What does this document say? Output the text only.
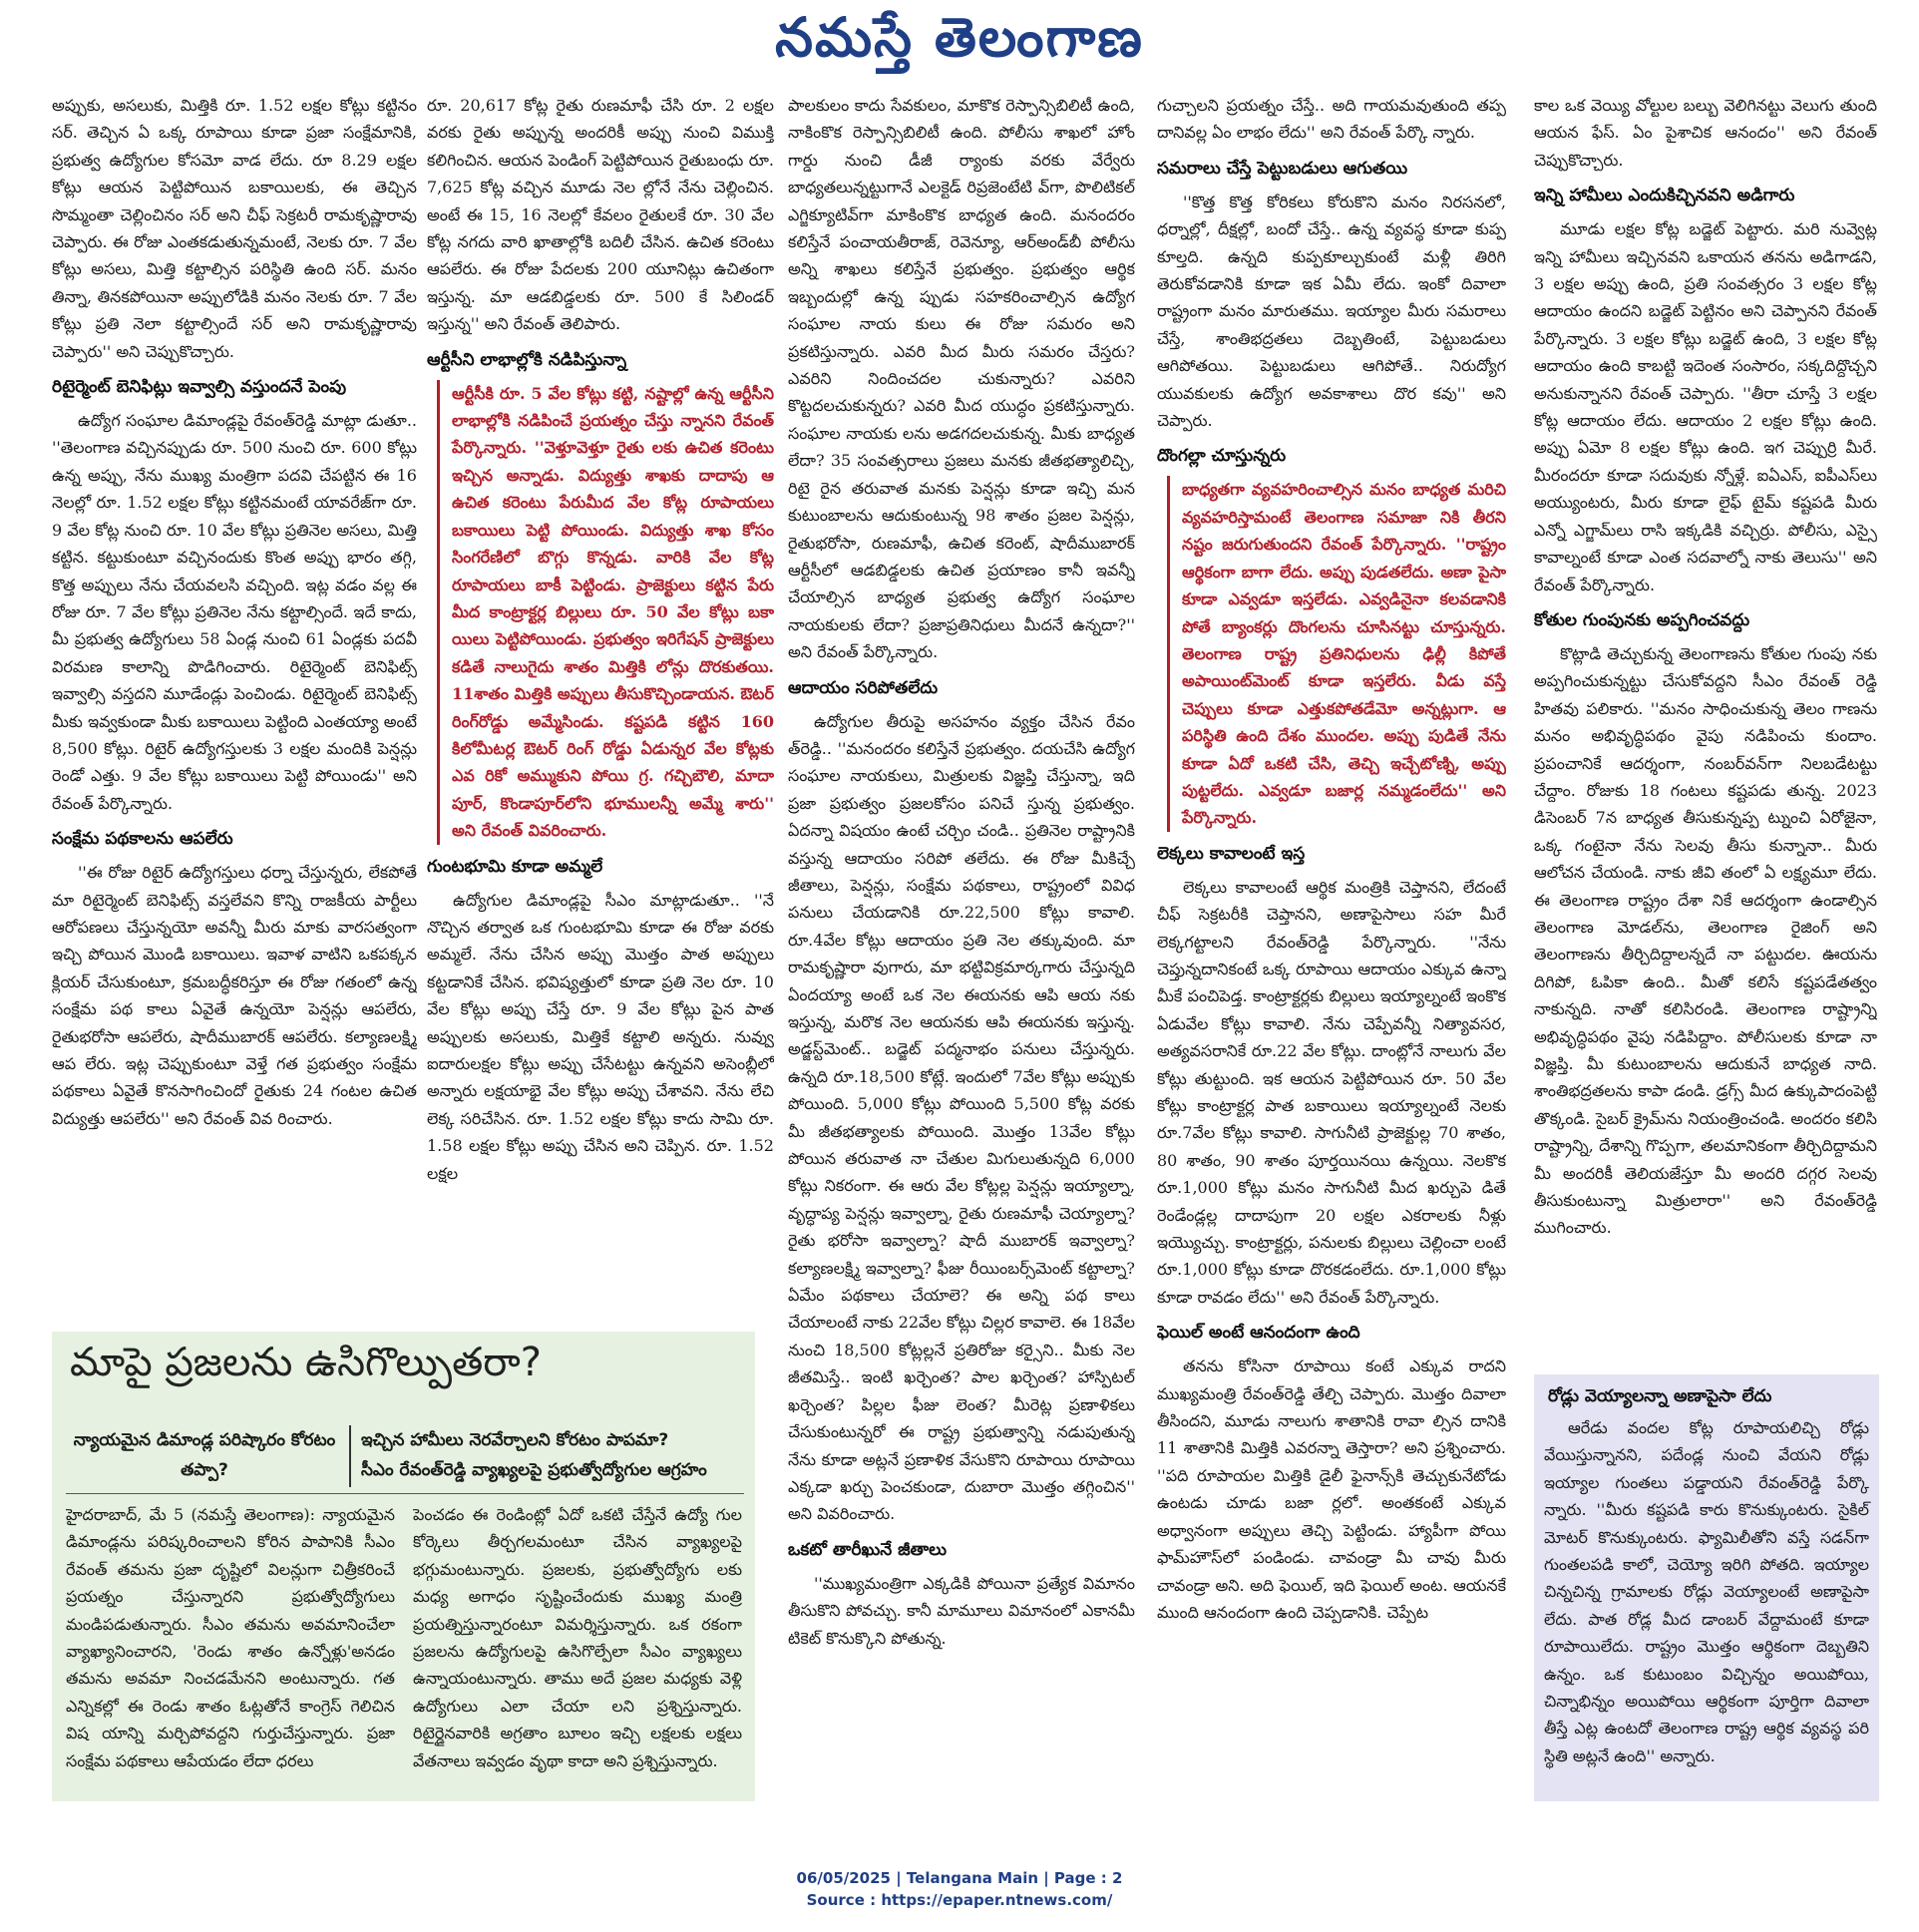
నమస్తే తెలంగాణ

అప్పుకు, అసలుకు, మిత్తికి రూ. 1.52 లక్షల కోట్లు కట్టినం సర్. తెచ్చిన ఏ ఒక్క రూపాయి కూడా ప్రజా సంక్షేమానికి, ప్రభుత్వ ఉద్యోగుల కోసమో వాడ లేదు. రూ 8.29 లక్షల కోట్లు ఆయన పెట్టిపోయిన బకాయిలకు, ఈ తెచ్చిన సొమ్మంతా చెల్లించినం సర్ అని చీఫ్ సెక్రటరీ రామకృష్ణారావు చెప్పారు. ఈ రోజు ఎంతకడుతున్నమంటే, నెలకు రూ. 7 వేల కోట్లు అసలు, మిత్తి కట్టాల్సిన పరిస్థితి ఉంది సర్. మనం తిన్నా, తినకపోయినా అప్పులోడికి మనం నెలకు రూ. 7 వేల కోట్లు ప్రతి నెలా కట్టాల్సిందే సర్ అని రామకృష్ణారావు చెప్పారు'' అని చెప్పుకొచ్చారు.

రిటైర్మెంట్ బెనిఫిట్లు ఇవ్వాల్సి వస్తుందనే పెంపు

ఉద్యోగ సంఘాల డిమాండ్లపై రేవంత్‌రెడ్డి మాట్లా డుతూ.. ''తెలంగాణ వచ్చినప్పుడు రూ. 500 నుంచి రూ. 600 కోట్లు ఉన్న అప్పు, నేను ముఖ్య మంత్రిగా పదవి చేపట్టిన ఈ 16 నెలల్లో రూ. 1.52 లక్షల కోట్లు కట్టినమంటే యావరేజ్‌గా రూ. 9 వేల కోట్ల నుంచి రూ. 10 వేల కోట్లు ప్రతినెల అసలు, మిత్తి కట్టిన. కట్టుకుంటూ వచ్చినందుకు కొంత అప్పు భారం తగ్గి, కొత్త అప్పులు నేను చేయవలసి వచ్చింది. ఇట్ల వడం వల్ల ఈ రోజు రూ. 7 వేల కోట్లు ప్రతినెల నేను కట్టాల్సిందే. ఇదే కాదు, మీ ప్రభుత్వ ఉద్యోగులు 58 ఏండ్ల నుంచి 61 ఏండ్లకు పదవీ విరమణ కాలాన్ని పొడిగించారు. రిటైర్మెంట్ బెనిఫిట్స్ ఇవ్వాల్సి వస్తదని మూడేండ్లు పెంచిండు. రిటైర్మెంట్ బెనిఫిట్స్ మీకు ఇవ్వకుండా మీకు బకాయిలు పెట్టింది ఎంతయ్యా అంటే 8,500 కోట్లు. రిటైర్ ఉద్యోగస్తులకు 3 లక్షల మందికి పెన్షన్లు రెండో ఎత్తు. 9 వేల కోట్లు బకాయిలు పెట్టి పోయిండు'' అని రేవంత్ పేర్కొన్నారు.

సంక్షేమ పథకాలను ఆపలేరు

''ఈ రోజు రిటైర్ ఉద్యోగస్తులు ధర్నా చేస్తున్నరు, లేకపోతే మా రిటైర్మెంట్ బెనిఫిట్స్ వస్తలేవని కొన్ని రాజకీయ పార్టీలు ఆరోపణలు చేస్తున్నయో అవన్నీ మీరు మాకు వారసత్వంగా ఇచ్చి పోయిన మొండి బకాయిలు. ఇవాళ వాటిని ఒకపక్కన క్లియర్ చేసుకుంటూ, క్రమబద్ధీకరిస్తూ ఈ రోజు గతంలో ఉన్న సంక్షేమ పథ కాలు ఏవైతే ఉన్నయో పెన్షన్లు ఆపలేరు, రైతుభరోసా ఆపలేరు, షాదీముబారక్ ఆపలేరు. కల్యాణలక్ష్మి ఆప లేరు. ఇట్ల చెప్పుకుంటూ వెళ్తే గత ప్రభుత్వం సంక్షేమ పథకాలు ఏవైతే కొనసాగించిందో రైతుకు 24 గంటల ఉచిత విద్యుత్తు ఆపలేరు'' అని రేవంత్ వివ రించారు.

రూ. 20,617 కోట్ల రైతు రుణమాఫీ చేసి రూ. 2 లక్షల వరకు రైతు అప్పున్న అందరికీ అప్పు నుంచి విముక్తి కలిగించిన. ఆయన పెండింగ్ పెట్టిపోయిన రైతుబంధు రూ. 7,625 కోట్ల వచ్చిన మూడు నెల ల్లోనే నేను చెల్లించిన. అంటే ఈ 15, 16 నెలల్లో కేవలం రైతులకే రూ. 30 వేల కోట్ల నగదు వారి ఖాతాల్లోకి బదిలీ చేసిన. ఉచిత కరెంటు ఆపలేరు. ఈ రోజు పేదలకు 200 యూనిట్లు ఉచితంగా ఇస్తున్న. మా ఆడబిడ్డలకు రూ. 500 కే సిలిండర్ ఇస్తున్న'' అని రేవంత్ తెలిపారు.

ఆర్టీసీని లాభాల్లోకి నడిపిస్తున్నా

ఆర్టీసీకి రూ. 5 వేల కోట్లు కట్టి, నష్టాల్లో ఉన్న ఆర్టీసీని లాభాల్లోకి నడిపించే ప్రయత్నం చేస్తు న్నానని రేవంత్ పేర్కొన్నారు. ''వెళ్తూవెళ్తూ రైతు లకు ఉచిత కరెంటు ఇచ్చిన అన్నాడు. విద్యుత్తు శాఖకు దాదాపు ఆ ఉచిత కరెంటు పేరుమీద వేల కోట్ల రూపాయలు బకాయిలు పెట్టి పోయిండు. విద్యుత్తు శాఖ కోసం సింగరేణిలో బొగ్గు కొన్నడు. వారికి వేల కోట్ల రూపాయలు బాకీ పెట్టిండు. ప్రాజెక్టులు కట్టిన పేరు మీద కాంట్రాక్టర్ల బిల్లులు రూ. 50 వేల కోట్లు బకా యిలు పెట్టిపోయిండు. ప్రభుత్వం ఇరిగేషన్ ప్రాజెక్టులు కడితే నాలుగైదు శాతం మిత్తికి లోన్లు దొరకుతయి. 11శాతం మిత్తికి అప్పులు తీసుకొచ్చిండాయన. ఔటర్ రింగ్‌రోడ్డు అమ్మేసిండు. కష్టపడి కట్టిన 160 కిలోమీటర్ల ఔటర్ రింగ్ రోడ్డు ఏడున్నర వేల కోట్లకు ఎవ రికో అమ్ముకుని పోయి గ్ర. గచ్చిబౌలి, మాదా పూర్, కొండాపూర్‌లోని భూములన్నీ అమ్మే శారు'' అని రేవంత్ వివరించారు.

గుంటభూమి కూడా అమ్మలే

ఉద్యోగుల డిమాండ్లపై సీఎం మాట్లాడుతూ.. ''నే నొచ్చిన తర్వాత ఒక గుంటభూమి కూడా ఈ రోజు వరకు అమ్మలే. నేను చేసిన అప్పు మొత్తం పాత అప్పులు కట్టడానికే చేసిన. భవిష్యత్తులో కూడా ప్రతి నెల రూ. 10 వేల కోట్లు అప్పు చేస్తే రూ. 9 వేల కోట్లు పైన పాత అప్పులకు అసలుకు, మిత్తికే కట్టాలి అన్నరు. నువ్వు ఐదారులక్షల కోట్లు అప్పు చేసేటట్టు ఉన్నవని అసెంబ్లీలో అన్నారు లక్షయాభై వేల కోట్లు అప్పు చేశావని. నేను లేచి లెక్క సరిచేసిన. రూ. 1.52 లక్షల కోట్లు కాదు సామి రూ. 1.58 లక్షల కోట్లు అప్పు చేసిన అని చెప్పిన. రూ. 1.52 లక్షల

పాలకులం కాదు సేవకులం, మాకొక రెస్పాన్సిబిలిటీ ఉంది, నాకింకొక రెస్పాన్సిబిలిటీ ఉంది. పోలీసు శాఖలో హోం గార్డు నుంచి డీజీ ర్యాంకు వరకు వేర్వేరు బాధ్యతలున్నట్టుగానే ఎలక్టెడ్ రిప్రజెంటేటి వ్‌గా, పొలిటికల్ ఎగ్జిక్యూటివ్‌గా మాకింకొక బాధ్యత ఉంది. మనందరం కలిస్తేనే పంచాయతీరాజ్, రెవెన్యూ, ఆర్అండ్‌బీ పోలీసు అన్ని శాఖలు కలిస్తేనే ప్రభుత్వం. ప్రభుత్వం ఆర్థిక ఇబ్బందుల్లో ఉన్న ప్పుడు సహకరించాల్సిన ఉద్యోగ సంఘాల నాయ కులు ఈ రోజు సమరం అని ప్రకటిస్తున్నారు. ఎవరి మీద మీరు సమరం చేస్తరు? ఎవరిని నిందించదల చుకున్నారు? ఎవరిని కొట్టదలచుకున్నరు? ఎవరి మీద యుద్ధం ప్రకటిస్తున్నారు. సంఘాల నాయకు లను అడగదలచుకున్న. మీకు బాధ్యత లేదా? 35 సంవత్సరాలు ప్రజలు మనకు జీతభత్యాలిచ్చి, రిటై రైన తరువాత మనకు పెన్షన్లు కూడా ఇచ్చి మన కుటుంబాలను ఆదుకుంటున్న 98 శాతం ప్రజల పెన్షన్లు, రైతుభరోసా, రుణమాఫీ, ఉచిత కరెంట్, షాదీముబారక్ ఆర్టీసీలో ఆడబిడ్డలకు ఉచిత ప్రయాణం కానీ ఇవన్నీ చేయాల్సిన బాధ్యత ప్రభుత్వ ఉద్యోగ సంఘాల నాయకులకు లేదా? ప్రజాప్రతినిధులు మీదనే ఉన్నదా?'' అని రేవంత్ పేర్కొన్నారు.

ఆదాయం సరిపోతలేదు

ఉద్యోగుల తీరుపై అసహనం వ్యక్తం చేసిన రేవం త్‌రెడ్డి.. ''మనందరం కలిస్తేనే ప్రభుత్వం. దయచేసి ఉద్యోగ సంఘాల నాయకులు, మిత్రులకు విజ్ఞప్తి చేస్తున్నా, ఇది ప్రజా ప్రభుత్వం ప్రజలకోసం పనిచే స్తున్న ప్రభుత్వం. ఏదన్నా విషయం ఉంటే చర్చిం చండి.. ప్రతినెల రాష్ట్రానికి వస్తున్న ఆదాయం సరిపో తలేదు. ఈ రోజు మీకిచ్చే జీతాలు, పెన్షన్లు, సంక్షేమ పథకాలు, రాష్ట్రంలో వివిధ పనులు చేయడానికి రూ.22,500 కోట్లు కావాలి. రూ.4వేల కోట్లు ఆదాయం ప్రతి నెల తక్కువుంది. మా రామకృష్ణారా వుగారు, మా భట్టివిక్రమార్కగారు చేస్తున్నది ఏందయ్యా అంటే ఒక నెల ఈయనకు ఆపి ఆయ నకు ఇస్తున్న, మరొక నెల ఆయనకు ఆపి ఈయనకు ఇస్తున్న. అడ్జస్ట్‌మెంట్.. బడ్జెట్ పద్మనాభం పనులు చేస్తున్నరు. ఉన్నది రూ.18,500 కోట్లే. ఇందులో 7వేల కోట్లు అప్పుకు పోయింది. 5,000 కోట్లు పోయింది 5,500 కోట్ల వరకు మీ జీతభత్యాలకు పోయింది. మొత్తం 13వేల కోట్లు పోయిన తరువాత నా చేతుల మిగులుతున్నది 6,000 కోట్లు నికరంగా. ఈ ఆరు వేల కోట్లల్ల పెన్షన్లు ఇయ్యాల్నా, వృద్ధాప్య పెన్షన్లు ఇవ్వాల్నా, రైతు రుణమాఫీ చెయ్యాల్నా? రైతు భరోసా ఇవ్వాల్నా? షాదీ ముబారక్ ఇవ్వాల్నా? కల్యాణలక్ష్మి ఇవ్వాల్నా? ఫీజు రీయింబర్స్‌మెంట్ కట్టాల్నా? ఏమేం పథకాలు చేయాలె? ఈ అన్ని పథ కాలు చేయాలంటే నాకు 22వేల కోట్లు చిల్లర కావాలె. ఈ 18వేల నుంచి 18,500 కోట్లల్లనే ప్రతిరోజు కర్సైని.. మీకు నెల జీతమిస్తే.. ఇంటి ఖర్చెంత? పాల ఖర్చెంత? హాస్పిటల్ ఖర్చెంత? పిల్లల ఫీజు లెంత? మీరెట్ల ప్రణాళికలు చేసుకుంటున్నరో ఈ రాష్ట్ర ప్రభుత్వాన్ని నడుపుతున్న నేను కూడా అట్లనే ప్రణాళిక వేసుకొని రూపాయి రూపాయి ఎక్కడా ఖర్చు పెంచకుండా, దుబారా మొత్తం తగ్గించిన'' అని వివరించారు.

ఒకటో తారీఖునే జీతాలు

''ముఖ్యమంత్రిగా ఎక్కడికి పోయినా ప్రత్యేక విమానం తీసుకొని పోవచ్చు. కానీ మామూలు విమానంలో ఎకానమీ టికెట్ కొనుక్కొని పోతున్న.

గుచ్చాలని ప్రయత్నం చేస్తే.. అది గాయమవుతుంది తప్ప దానివల్ల ఏం లాభం లేదు'' అని రేవంత్ పేర్కొ న్నారు.

సమరాలు చేస్తే పెట్టుబడులు ఆగుతయి

''కొత్త కొత్త కోరికలు కోరుకొని మనం నిరసనలో, ధర్నాల్లో, దీక్షల్లో, బందో చేస్తే.. ఉన్న వ్యవస్థ కూడా కుప్ప కూల్తది. ఉన్నది కుప్పకూల్చుకుంటే మళ్లీ తిరిగి తెరుకోవడానికి కూడా ఇక ఏమీ లేదు. ఇంకో దివాలా రాష్ట్రంగా మనం మారుతము. ఇయ్యాల మీరు సమరాలు చేస్తే, శాంతిభద్రతలు దెబ్బతింటే, పెట్టుబడులు ఆగిపోతయి. పెట్టుబడులు ఆగిపోతే.. నిరుద్యోగ యువకులకు ఉద్యోగ అవకాశాలు దొర కవు'' అని చెప్పారు.

దొంగల్లా చూస్తున్నరు

బాధ్యతగా వ్యవహరించాల్సిన మనం బాధ్యత మరిచి వ్యవహరిస్తామంటే తెలంగాణ సమాజా నికి తీరని నష్టం జరుగుతుందని రేవంత్ పేర్కొన్నారు. ''రాష్ట్రం ఆర్థికంగా బాగా లేదు. అప్పు పుడతలేదు. అణా పైసా కూడా ఎవ్వడూ ఇస్తలేడు. ఎవ్వడినైనా కలవడానికి పోతే బ్యాంకర్లు దొంగలను చూసినట్టు చూస్తున్నరు. తెలంగాణ రాష్ట్ర ప్రతినిధులను ఢిల్లీ కిపోతే అపాయింట్‌మెంట్ కూడా ఇస్తలేరు. వీడు వస్తే చెప్పులు కూడా ఎత్తుకపోతడేమో అన్నట్లుగా. ఆ పరిస్థితి ఉంది దేశం ముందల. అప్పు పుడితే నేను కూడా ఏదో ఒకటి చేసి, తెచ్చి ఇచ్చేటోణ్ని, అప్పు పుట్టలేదు. ఎవ్వడూ బజార్ల నమ్మడంలేదు'' అని పేర్కొన్నారు.

లెక్కలు కావాలంటే ఇస్త

లెక్కలు కావాలంటే ఆర్థిక మంత్రికి చెప్తానని, లేదంటే చీఫ్ సెక్రటరీకి చెప్తానని, అణాపైసాలు సహ మీరే లెక్కగట్టాలని రేవంత్‌రెడ్డి పేర్కొన్నారు. ''నేను చెప్తున్నదానికంటే ఒక్క రూపాయి ఆదాయం ఎక్కువ ఉన్నా మీకే పంచిపెడ్త. కాంట్రాక్టర్లకు బిల్లులు ఇయ్యాల్నంటే ఇంకొక ఏడువేల కోట్లు కావాలి. నేను చెప్పేవన్నీ నిత్యావసర, అత్యవసరానికే రూ.22 వేల కోట్లు. దాంట్లోనే నాలుగు వేల కోట్లు తుట్టుంది. ఇక ఆయన పెట్టిపోయిన రూ. 50 వేల కోట్లు కాంట్రాక్టర్ల పాత బకాయిలు ఇయ్యాల్నంటే నెలకు రూ.7వేల కోట్లు కావాలి. సాగునీటి ప్రాజెక్టుల్ల 70 శాతం, 80 శాతం, 90 శాతం పూర్తయినయి ఉన్నయి. నెలకొక రూ.1,000 కోట్లు మనం సాగునీటి మీద ఖర్చుపె డితే రెండేండ్లల్ల దాదాపుగా 20 లక్షల ఎకరాలకు నీళ్లు ఇయ్యొచ్చు. కాంట్రాక్టర్లు, పనులకు బిల్లులు చెల్లించా లంటే రూ.1,000 కోట్లు కూడా దొరకడంలేదు. రూ.1,000 కోట్లు కూడా రావడం లేదు'' అని రేవంత్ పేర్కొన్నారు.

ఫెయిల్ అంటే ఆనందంగా ఉంది

తనను కోసినా రూపాయి కంటే ఎక్కువ రాదని ముఖ్యమంత్రి రేవంత్‌రెడ్డి తేల్చి చెప్పారు. మొత్తం దివాలా తీసిందని, మూడు నాలుగు శాతానికి రావా ల్సిన దానికి 11 శాతానికి మిత్తికి ఎవరన్నా తెస్తారా? అని ప్రశ్నించారు. ''పది రూపాయల మిత్తికి డైలీ ఫైనాన్స్‌కి తెచ్చుకునేటోడు ఉంటడు చూడు బజా ర్లలో. అంతకంటే ఎక్కువ అధ్వానంగా అప్పులు తెచ్చి పెట్టిండు. హ్యాపీగా పోయి ఫామ్‌హౌస్‌లో పండిండు. చావండ్రా మీ చావు మీరు చావండ్రా అని. అది ఫెయిల్, ఇది ఫెయిల్ అంట. ఆయనకే ముంది ఆనందంగా ఉంది చెప్పడానికి. చెప్పేట

కాల ఒక వెయ్యి వోల్టుల బల్బు వెలిగినట్టు వెలుగు తుంది ఆయన ఫేస్. ఏం పైశాచిక ఆనందం'' అని రేవంత్ చెప్పుకొచ్చారు.

ఇన్ని హామీలు ఎందుకిచ్చినవని అడిగారు

మూడు లక్షల కోట్ల బడ్జెట్ పెట్టారు. మరి నువ్వెట్ల ఇన్ని హామీలు ఇచ్చినవని ఒకాయన తనను అడిగాడని, 3 లక్షల అప్పు ఉంది, ప్రతి సంవత్సరం 3 లక్షల కోట్ల ఆదాయం ఉందని బడ్జెట్ పెట్టినం అని చెప్పానని రేవంత్ పేర్కొన్నారు. 3 లక్షల కోట్లు బడ్జెట్ ఉంది, 3 లక్షల కోట్ల ఆదాయం ఉంది కాబట్టి ఇదెంత సంసారం, సక్కదిద్దొచ్చని అనుకున్నానని రేవంత్ చెప్పారు. ''తీరా చూస్తే 3 లక్షల కోట్ల ఆదాయం లేదు. ఆదాయం 2 లక్షల కోట్లు ఉంది. అప్పు ఏమో 8 లక్షల కోట్లు ఉంది. ఇగ చెప్పుర్రి మీరే. మీరందరూ కూడా సదువుకు న్నోళ్లే. ఐఏఎస్, ఐపీఎస్‌లు అయ్యుంటరు, మీరు కూడా లైఫ్ టైమ్ కష్టపడి మీరు ఎన్నో ఎగ్జామ్‌లు రాసి ఇక్కడికి వచ్చిర్రు. పోలీసు, ఎస్సై కావాల్నంటే కూడా ఎంత సదవాల్నో నాకు తెలుసు'' అని రేవంత్ పేర్కొన్నారు.

కోతుల గుంపునకు అప్పగించవద్దు

కొట్లాడి తెచ్చుకున్న తెలంగాణను కోతుల గుంపు నకు అప్పగించుకున్నట్టు చేసుకోవద్దని సీఎం రేవంత్ రెడ్డి హితవు పలికారు. ''మనం సాధించుకున్న తెలం గాణను మనం అభివృద్ధిపథం వైపు నడిపించు కుందాం. ప్రపంచానికే ఆదర్శంగా, నంబర్‌వన్‌గా నిలబడేటట్టు చేద్దాం. రోజుకు 18 గంటలు కష్టపడు తున్న. 2023 డిసెంబర్ 7న బాధ్యత తీసుకున్నప్ప ట్నుంచి ఏరోజైనా, ఒక్క గంటైనా నేను సెలవు తీసు కున్నానా.. మీరు ఆలోచన చేయండి. నాకు జీవి తంలో ఏ లక్ష్యమూ లేదు. ఈ తెలంగాణ రాష్ట్రం దేశా నికే ఆదర్శంగా ఉండాల్సిన తెలంగాణ మోడల్‌ను, తెలంగాణ రైజింగ్ అని తెలంగాణను తీర్చిదిద్దాలన్నదే నా పట్టుదల. ఊయను దిగిపో, ఓపికా ఉంది.. మీతో కలిసే కష్టపడేతత్వం నాకున్నది. నాతో కలిసిరండి. తెలంగాణ రాష్ట్రాన్ని అభివృద్ధిపథం వైపు నడిపిద్దాం. పోలీసులకు కూడా నా విజ్ఞప్తి. మీ కుటుంబాలను ఆదుకునే బాధ్యత నాది. శాంతిభద్రతలను కాపా డండి. డ్రగ్స్ మీద ఉక్కుపాదంపెట్టి తొక్కండి. సైబర్ క్రైమ్‌ను నియంత్రించండి. అందరం కలిసి రాష్ట్రాన్ని, దేశాన్ని గొప్పగా, తలమానికంగా తీర్చిదిద్దామని మీ అందరికీ తెలియజేస్తూ మీ అందరి దగ్గర సెలవు తీసుకుంటున్నా మిత్రులారా'' అని రేవంత్‌రెడ్డి ముగించారు.

రోడ్లు వెయ్యాలన్నా అణాపైసా లేదు

ఆరేడు వందల కోట్ల రూపాయలిచ్చి రోడ్లు వేయిస్తున్నానని, పదేండ్ల నుంచి వేయని రోడ్లు ఇయ్యాల గుంతలు పడ్డాయని రేవంత్‌రెడ్డి పేర్కొ న్నారు. ''మీరు కష్టపడి కారు కొనుక్కుంటరు. సైకిల్ మోటర్ కొనుక్కుంటరు. ఫ్యామిలీతోని వస్తే సడన్‌గా గుంతలపడి కాలో, చెయ్యో ఇరిగి పోతది. ఇయ్యాల చిన్నచిన్న గ్రామాలకు రోడ్లు వెయ్యాలంటే అణాపైసా లేదు. పాత రోడ్ల మీద డాంబర్ వేద్దామంటే కూడా రూపాయిలేదు. రాష్ట్రం మొత్తం ఆర్థికంగా దెబ్బతిని ఉన్నం. ఒక కుటుంబం విచ్చిన్నం అయిపోయి, చిన్నాభిన్నం అయిపోయి ఆర్థికంగా పూర్తిగా దివాలా తీస్తే ఎట్ల ఉంటదో తెలంగాణ రాష్ట్ర ఆర్థిక వ్యవస్థ పరి స్థితి అట్లనే ఉంది'' అన్నారు.

మాపై ప్రజలను ఉసిగొల్పుతరా?
న్యాయమైన డిమాండ్ల పరిష్కారం కోరటం తప్పా?
ఇచ్చిన హామీలు నెరవేర్చాలని కోరటం పాపమా?
సీఎం రేవంత్‌రెడ్డి వ్యాఖ్యలపై ప్రభుత్వోద్యోగుల ఆగ్రహం

హైదరాబాద్, మే 5 (నమస్తే తెలంగాణ): న్యాయమైన డిమాండ్లను పరిష్కరించాలని కోరిన పాపానికి సీఎం రేవంత్ తమను ప్రజా దృష్టిలో విలన్లుగా చిత్రీకరించే ప్రయత్నం చేస్తున్నారని ప్రభుత్వోద్యోగులు మండిపడుతున్నారు. సీఎం తమను అవమానించేలా వ్యాఖ్యానించారని, 'రెండు శాతం ఉన్నోళ్లు'అనడం తమను అవమా నించడమేనని అంటున్నారు. గత ఎన్నికల్లో ఈ రెండు శాతం ఓట్లతోనే కాంగ్రెస్ గెలిచిన విష యాన్ని మర్చిపోవద్దని గుర్తుచేస్తున్నారు. ప్రజా సంక్షేమ పథకాలు ఆపేయడం లేదా ధరలు

పెంచడం ఈ రెండింట్లో ఏదో ఒకటి చేస్తేనే ఉద్యో గుల కోర్కెలు తీర్చగలమంటూ చేసిన వ్యాఖ్యలపై భగ్గుమంటున్నారు. ప్రజలకు, ప్రభుత్వోద్యోగు లకు మధ్య అగాధం సృష్టించేందుకు ముఖ్య మంత్రి ప్రయత్నిస్తున్నారంటూ విమర్శిస్తున్నారు. ఒక రకంగా ప్రజలను ఉద్యోగులపై ఉసిగొల్పేలా సీఎం వ్యాఖ్యలు ఉన్నాయంటున్నారు. తాము అదే ప్రజల మధ్యకు వెళ్లి ఉద్యోగులు ఎలా చేయా లని ప్రశ్నిస్తున్నారు. రిటైర్డైనవారికి అగ్రతాం బూలం ఇచ్చి లక్షలకు లక్షలు వేతనాలు ఇవ్వడం వృథా కాదా అని ప్రశ్నిస్తున్నారు.

06/05/2025 | Telangana Main | Page : 2
Source : https://epaper.ntnews.com/
